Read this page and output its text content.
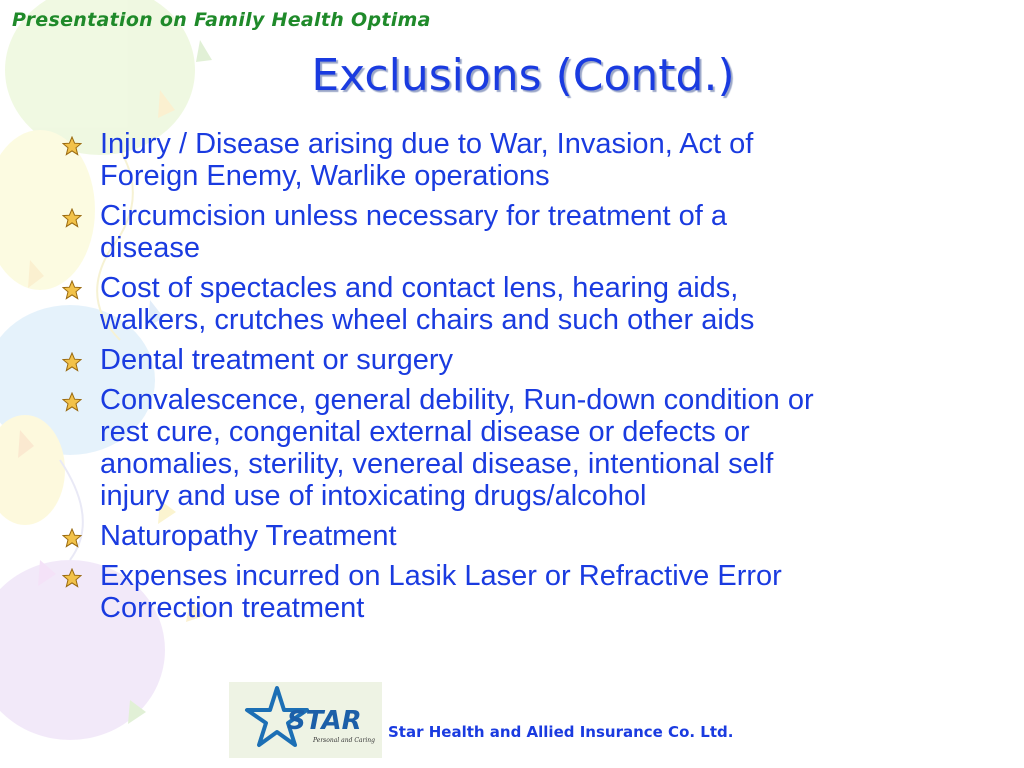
Presentation on Family Health Optima
Exclusions (Contd.)
Injury / Disease arising due to War, Invasion, Act of
Foreign Enemy, Warlike operations
Circumcision unless necessary for treatment of a
disease
Cost of spectacles and contact lens, hearing aids,
walkers, crutches wheel chairs and such other aids
Dental treatment or surgery
Convalescence, general debility, Run-down condition or
rest cure, congenital external disease or defects or
anomalies, sterility, venereal disease, intentional self
injury and use of intoxicating drugs/alcohol
Naturopathy Treatment
Expenses incurred on Lasik Laser or Refractive Error
Correction treatment
STAR
Personal and Caring Star Health and Allied Insurance Co. Ltd.
